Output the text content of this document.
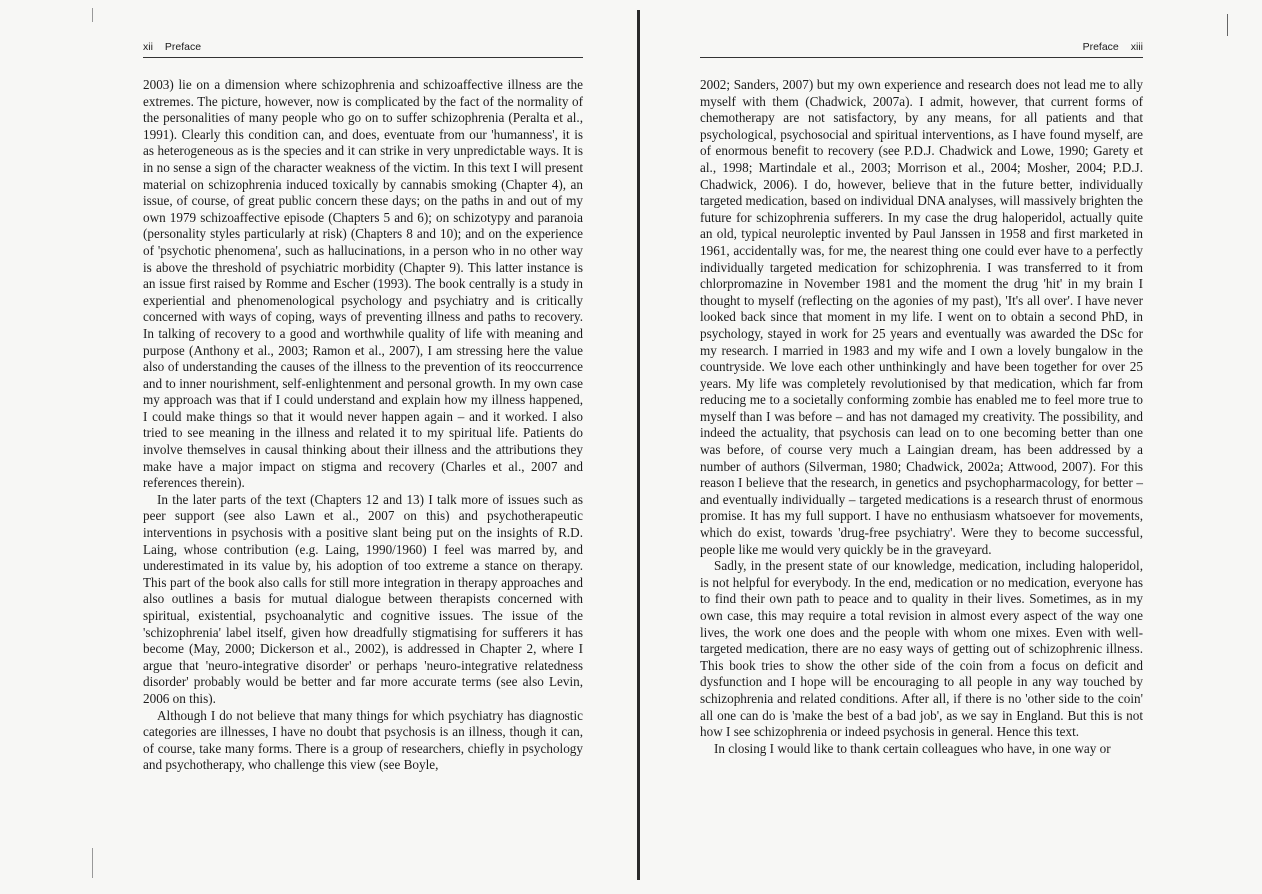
xii Preface

2003) lie on a dimension where schizophrenia and schizoaffective illness are the extremes. The picture, however, now is complicated by the fact of the normality of the personalities of many people who go on to suffer schizophrenia (Peralta et al., 1991). Clearly this condition can, and does, eventuate from our 'humanness', it is as heterogeneous as is the species and it can strike in very unpredictable ways. It is in no sense a sign of the character weakness of the victim. In this text I will present material on schizophrenia induced toxically by cannabis smoking (Chapter 4), an issue, of course, of great public concern these days; on the paths in and out of my own 1979 schizoaffective episode (Chapters 5 and 6); on schizotypy and paranoia (personality styles particularly at risk) (Chapters 8 and 10); and on the experience of 'psychotic phenomena', such as hallucinations, in a person who in no other way is above the threshold of psychiatric morbidity (Chapter 9). This latter instance is an issue first raised by Romme and Escher (1993). The book centrally is a study in experiential and phenomenological psychology and psychiatry and is critically concerned with ways of coping, ways of preventing illness and paths to recovery. In talking of recovery to a good and worthwhile quality of life with meaning and purpose (Anthony et al., 2003; Ramon et al., 2007), I am stressing here the value also of understanding the causes of the illness to the prevention of its reoccurrence and to inner nourishment, self-enlightenment and personal growth. In my own case my approach was that if I could understand and explain how my illness happened, I could make things so that it would never happen again – and it worked. I also tried to see meaning in the illness and related it to my spiritual life. Patients do involve themselves in causal thinking about their illness and the attributions they make have a major impact on stigma and recovery (Charles et al., 2007 and references therein).

In the later parts of the text (Chapters 12 and 13) I talk more of issues such as peer support (see also Lawn et al., 2007 on this) and psychotherapeutic interventions in psychosis with a positive slant being put on the insights of R.D. Laing, whose contribution (e.g. Laing, 1990/1960) I feel was marred by, and underestimated in its value by, his adoption of too extreme a stance on therapy. This part of the book also calls for still more integration in therapy approaches and also outlines a basis for mutual dialogue between therapists concerned with spiritual, existential, psychoanalytic and cognitive issues. The issue of the 'schizophrenia' label itself, given how dreadfully stigmatising for sufferers it has become (May, 2000; Dickerson et al., 2002), is addressed in Chapter 2, where I argue that 'neuro-integrative disorder' or perhaps 'neuro-integrative relatedness disorder' probably would be better and far more accurate terms (see also Levin, 2006 on this).

Although I do not believe that many things for which psychiatry has diagnostic categories are illnesses, I have no doubt that psychosis is an illness, though it can, of course, take many forms. There is a group of researchers, chiefly in psychology and psychotherapy, who challenge this view (see Boyle,

Preface xiii

2002; Sanders, 2007) but my own experience and research does not lead me to ally myself with them (Chadwick, 2007a). I admit, however, that current forms of chemotherapy are not satisfactory, by any means, for all patients and that psychological, psychosocial and spiritual interventions, as I have found myself, are of enormous benefit to recovery (see P.D.J. Chadwick and Lowe, 1990; Garety et al., 1998; Martindale et al., 2003; Morrison et al., 2004; Mosher, 2004; P.D.J. Chadwick, 2006). I do, however, believe that in the future better, individually targeted medication, based on individual DNA analyses, will massively brighten the future for schizophrenia sufferers. In my case the drug haloperidol, actually quite an old, typical neuroleptic invented by Paul Janssen in 1958 and first marketed in 1961, accidentally was, for me, the nearest thing one could ever have to a perfectly individually targeted medication for schizophrenia. I was transferred to it from chlorpromazine in November 1981 and the moment the drug 'hit' in my brain I thought to myself (reflecting on the agonies of my past), 'It's all over'. I have never looked back since that moment in my life. I went on to obtain a second PhD, in psychology, stayed in work for 25 years and eventually was awarded the DSc for my research. I married in 1983 and my wife and I own a lovely bungalow in the countryside. We love each other unthinkingly and have been together for over 25 years. My life was completely revolutionised by that medication, which far from reducing me to a societally conforming zombie has enabled me to feel more true to myself than I was before – and has not damaged my creativity. The possibility, and indeed the actuality, that psychosis can lead on to one becoming better than one was before, of course very much a Laingian dream, has been addressed by a number of authors (Silverman, 1980; Chadwick, 2002a; Attwood, 2007). For this reason I believe that the research, in genetics and psychopharmacology, for better – and eventually individually – targeted medications is a research thrust of enormous promise. It has my full support. I have no enthusiasm whatsoever for movements, which do exist, towards 'drug-free psychiatry'. Were they to become successful, people like me would very quickly be in the graveyard.

Sadly, in the present state of our knowledge, medication, including haloperidol, is not helpful for everybody. In the end, medication or no medication, everyone has to find their own path to peace and to quality in their lives. Sometimes, as in my own case, this may require a total revision in almost every aspect of the way one lives, the work one does and the people with whom one mixes. Even with well-targeted medication, there are no easy ways of getting out of schizophrenic illness. This book tries to show the other side of the coin from a focus on deficit and dysfunction and I hope will be encouraging to all people in any way touched by schizophrenia and related conditions. After all, if there is no 'other side to the coin' all one can do is 'make the best of a bad job', as we say in England. But this is not how I see schizophrenia or indeed psychosis in general. Hence this text.

In closing I would like to thank certain colleagues who have, in one way or
